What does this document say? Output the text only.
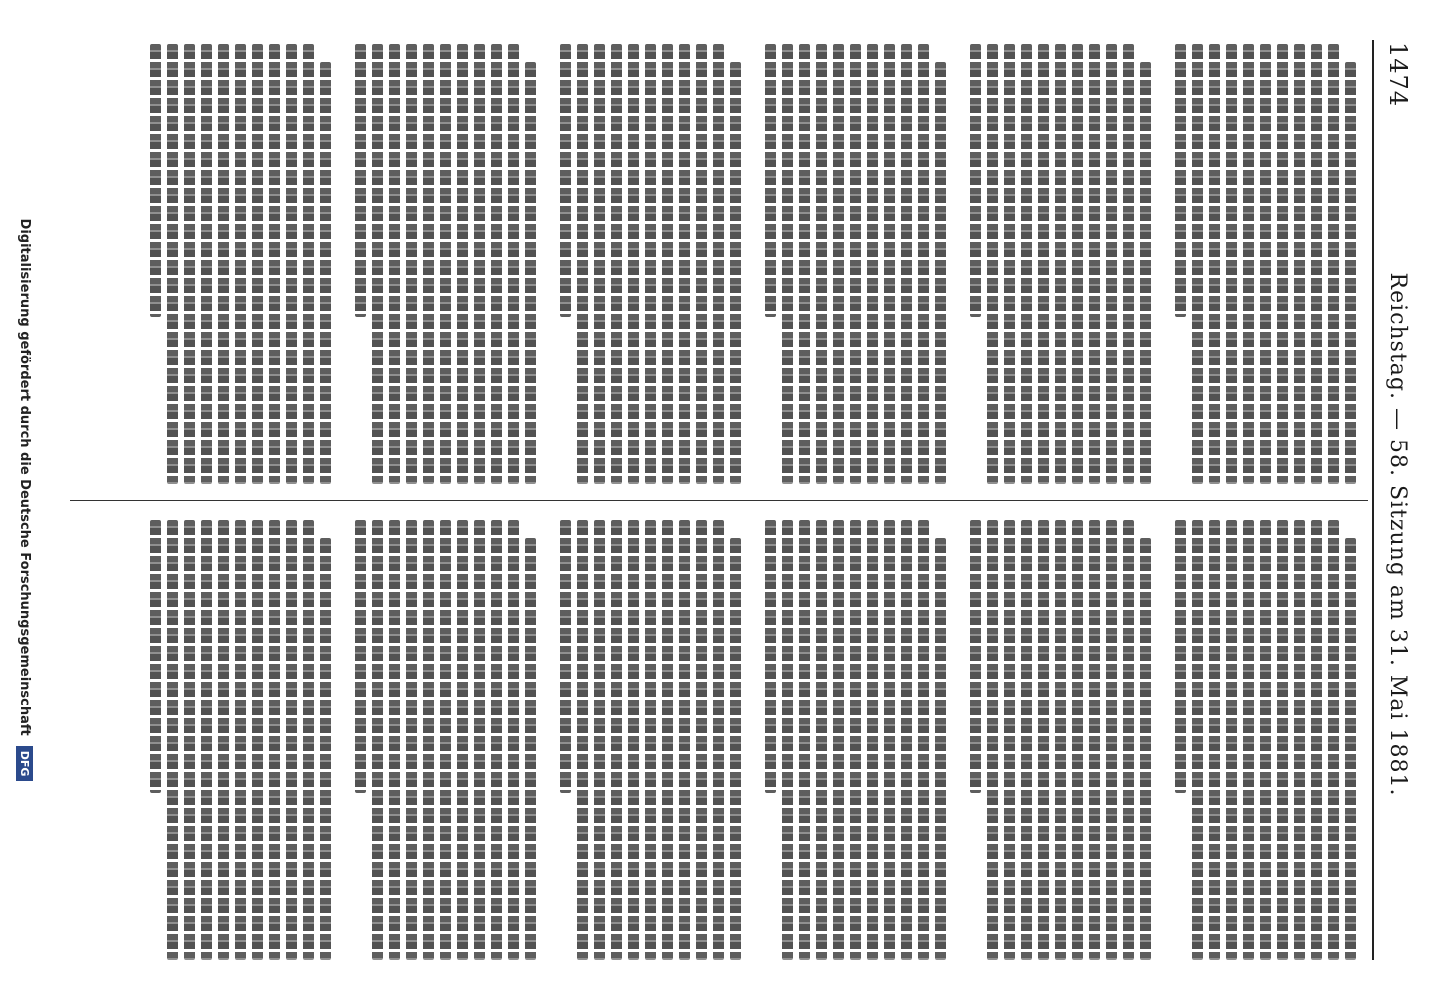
1474
Reichstag. — 58. Sitzung am 31. Mai 1881.
Digitalisierung gefördert durch die Deutsche Forschungsgemeinschaft
DFG
